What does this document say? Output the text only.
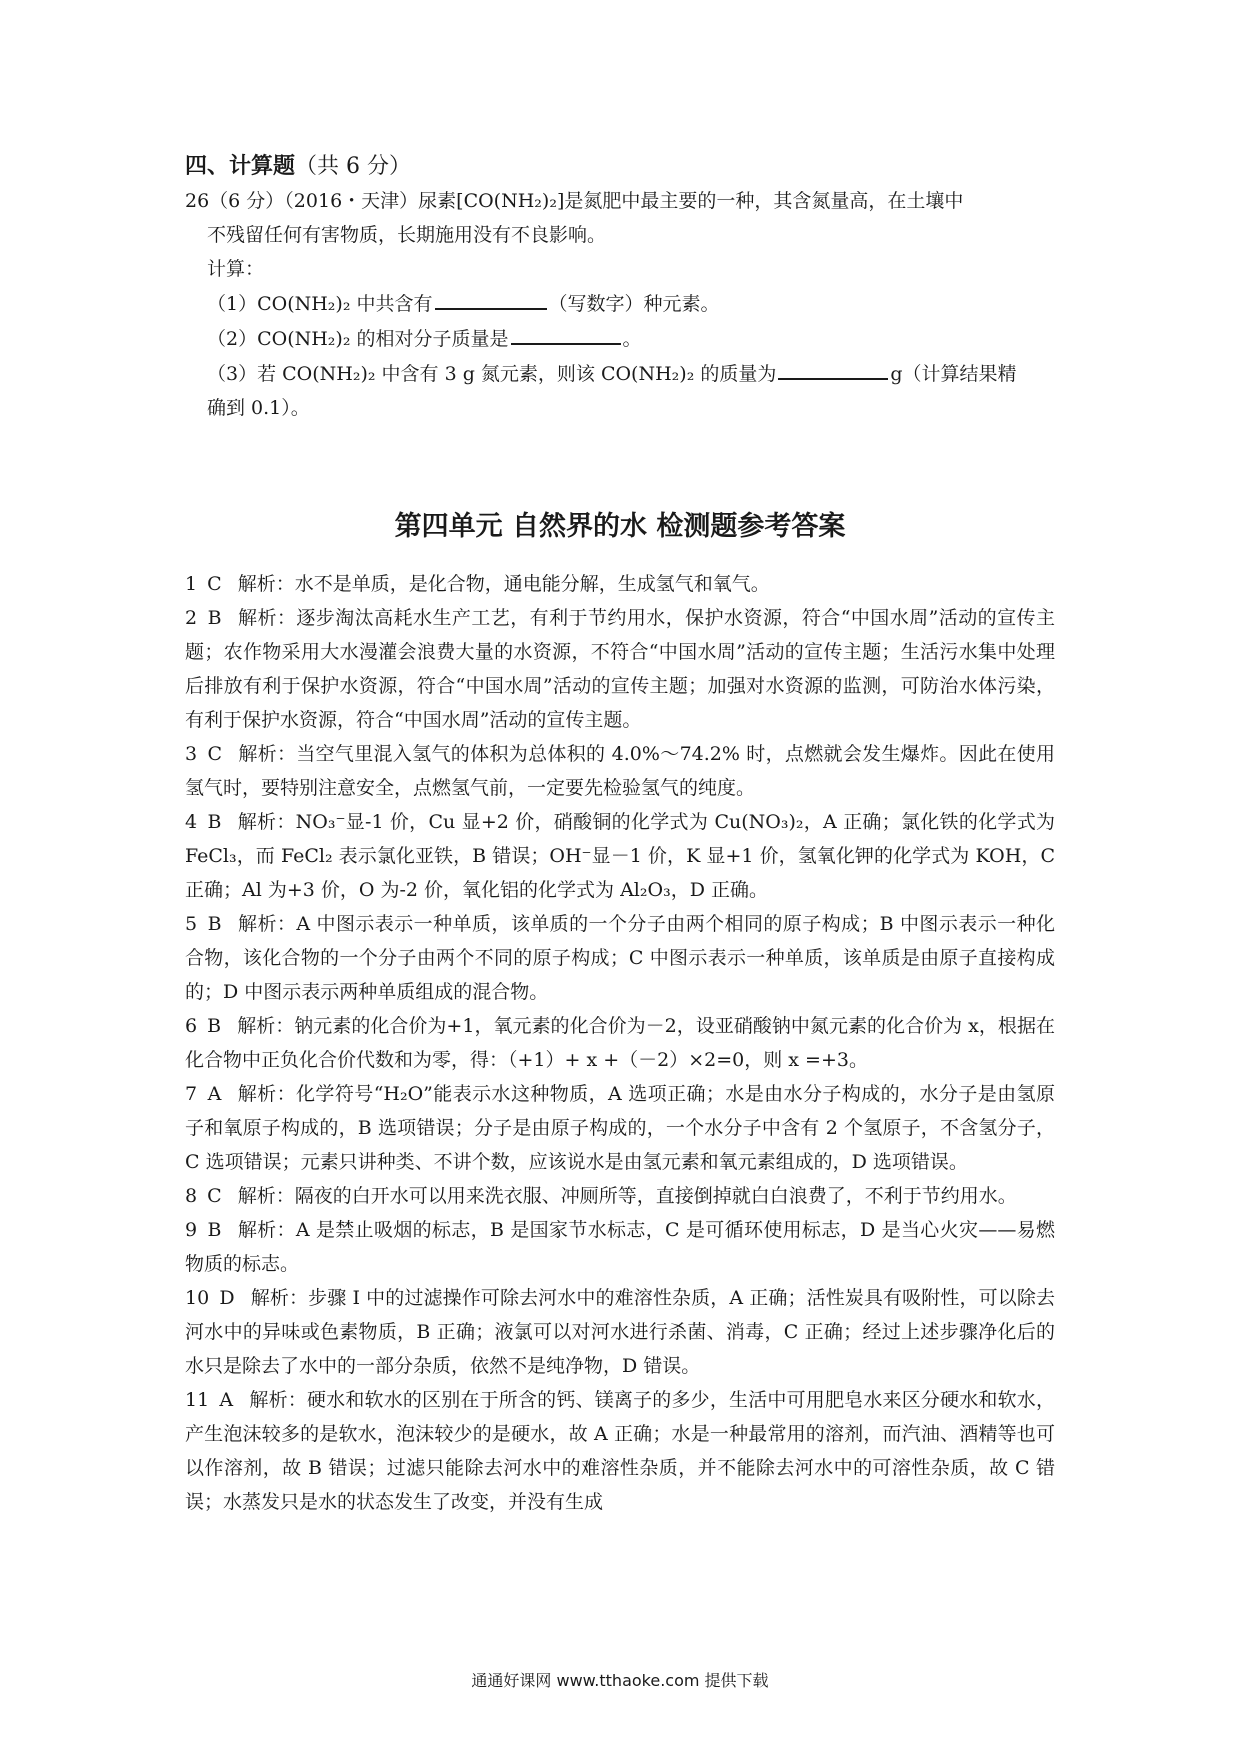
四、计算题（共 6 分）

26（6 分）（2016・天津）尿素[CO(NH₂)₂]是氮肥中最主要的一种，其含氮量高，在土壤中

不残留任何有害物质，长期施用没有不良影响。

计算：

（1）CO(NH₂)₂ 中共含有	（写数字）种元素。

（2）CO(NH₂)₂ 的相对分子质量是	。

（3）若 CO(NH₂)₂ 中含有 3 g 氮元素，则该 CO(NH₂)₂ 的质量为	g（计算结果精

确到 0.1）。

第四单元 自然界的水 检测题参考答案

1 C 解析：水不是单质，是化合物，通电能分解，生成氢气和氧气。

2 B 解析：逐步淘汰高耗水生产工艺，有利于节约用水，保护水资源，符合“中国水周”活动的宣传主题；农作物采用大水漫灌会浪费大量的水资源，不符合“中国水周”活动的宣传主题；生活污水集中处理后排放有利于保护水资源，符合“中国水周”活动的宣传主题；加强对水资源的监测，可防治水体污染，有利于保护水资源，符合“中国水周”活动的宣传主题。

3 C 解析：当空气里混入氢气的体积为总体积的 4.0%～74.2% 时，点燃就会发生爆炸。因此在使用氢气时，要特别注意安全，点燃氢气前，一定要先检验氢气的纯度。

4 B 解析：NO₃⁻显-1 价，Cu 显+2 价，硝酸铜的化学式为 Cu(NO₃)₂，A 正确；氯化铁的化学式为 FeCl₃，而 FeCl₂ 表示氯化亚铁，B 错误；OH⁻显－1 价，K 显+1 价，氢氧化钾的化学式为 KOH，C 正确；Al 为+3 价，O 为-2 价，氧化铝的化学式为 Al₂O₃，D 正确。

5 B 解析：A 中图示表示一种单质，该单质的一个分子由两个相同的原子构成；B 中图示表示一种化合物，该化合物的一个分子由两个不同的原子构成；C 中图示表示一种单质，该单质是由原子直接构成的；D 中图示表示两种单质组成的混合物。

6 B 解析：钠元素的化合价为+1，氧元素的化合价为－2，设亚硝酸钠中氮元素的化合价为 x，根据在化合物中正负化合价代数和为零，得：（+1）+ x +（－2）×2=0，则 x =+3。

7 A 解析：化学符号“H₂O”能表示水这种物质，A 选项正确；水是由水分子构成的，水分子是由氢原子和氧原子构成的，B 选项错误；分子是由原子构成的，一个水分子中含有 2 个氢原子，不含氢分子，C 选项错误；元素只讲种类、不讲个数，应该说水是由氢元素和氧元素组成的，D 选项错误。

8 C 解析：隔夜的白开水可以用来洗衣服、冲厕所等，直接倒掉就白白浪费了，不利于节约用水。

9 B 解析：A 是禁止吸烟的标志，B 是国家节水标志，C 是可循环使用标志，D 是当心火灾——易燃物质的标志。

10 D 解析：步骤 I 中的过滤操作可除去河水中的难溶性杂质，A 正确；活性炭具有吸附性，可以除去河水中的异味或色素物质，B 正确；液氯可以对河水进行杀菌、消毒，C 正确；经过上述步骤净化后的水只是除去了水中的一部分杂质，依然不是纯净物，D 错误。

11 A 解析：硬水和软水的区别在于所含的钙、镁离子的多少，生活中可用肥皂水来区分硬水和软水，产生泡沫较多的是软水，泡沫较少的是硬水，故 A 正确；水是一种最常用的溶剂，而汽油、酒精等也可以作溶剂，故 B 错误；过滤只能除去河水中的难溶性杂质，并不能除去河水中的可溶性杂质，故 C 错误；水蒸发只是水的状态发生了改变，并没有生成

通通好课网 www.tthaoke.com 提供下载
